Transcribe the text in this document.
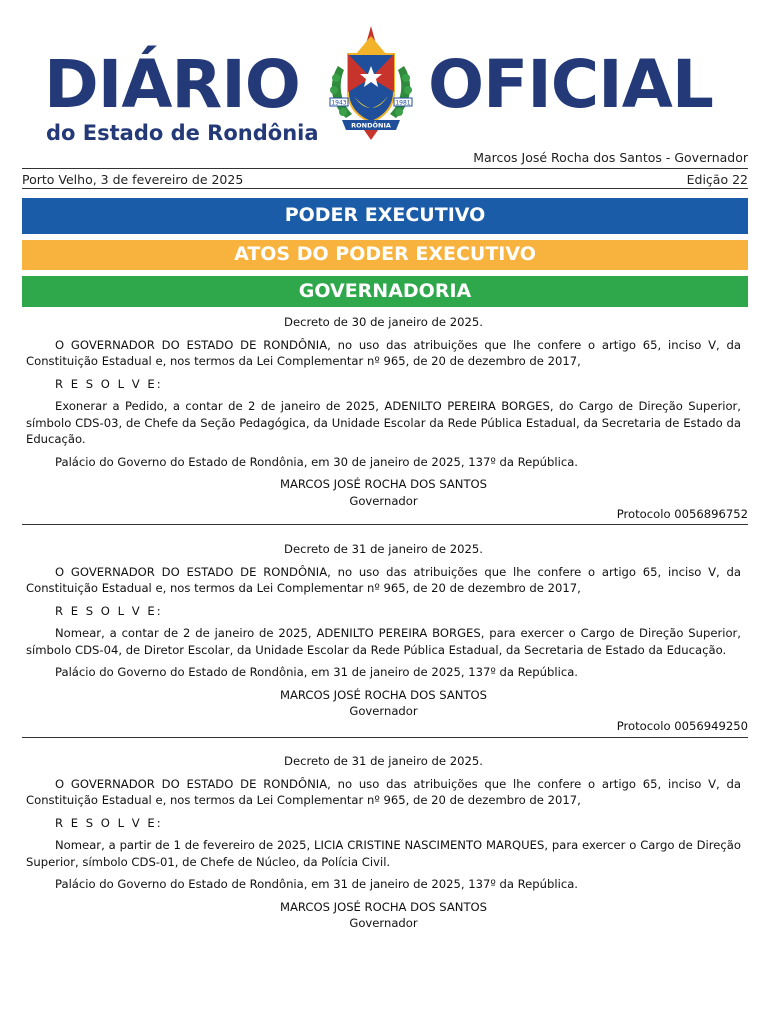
DIÁRIO OFICIAL
do Estado de Rondônia
1943	1981
RONDÔNIA
Marcos José Rocha dos Santos - Governador
Porto Velho, 3 de fevereiro de 2025	Edição 22
PODER EXECUTIVO
ATOS DO PODER EXECUTIVO
GOVERNADORIA

Decreto de 30 de janeiro de 2025.

O GOVERNADOR DO ESTADO DE RONDÔNIA, no uso das atribuições que lhe confere o artigo 65, inciso V, da Constituição Estadual e, nos termos da Lei Complementar nº 965, de 20 de dezembro de 2017,

R E S O L V E:

Exonerar a Pedido, a contar de 2 de janeiro de 2025, ADENILTO PEREIRA BORGES, do Cargo de Direção Superior, símbolo CDS-03, de Chefe da Seção Pedagógica, da Unidade Escolar da Rede Pública Estadual, da Secretaria de Estado da Educação.

Palácio do Governo do Estado de Rondônia, em 30 de janeiro de 2025, 137º da República.

MARCOS JOSÉ ROCHA DOS SANTOS

Governador

Protocolo 0056896752

Decreto de 31 de janeiro de 2025.

O GOVERNADOR DO ESTADO DE RONDÔNIA, no uso das atribuições que lhe confere o artigo 65, inciso V, da Constituição Estadual e, nos termos da Lei Complementar nº 965, de 20 de dezembro de 2017,

R E S O L V E:

Nomear, a contar de 2 de janeiro de 2025, ADENILTO PEREIRA BORGES, para exercer o Cargo de Direção Superior, símbolo CDS-04, de Diretor Escolar, da Unidade Escolar da Rede Pública Estadual, da Secretaria de Estado da Educação.

Palácio do Governo do Estado de Rondônia, em 31 de janeiro de 2025, 137º da República.

MARCOS JOSÉ ROCHA DOS SANTOS

Governador

Protocolo 0056949250

Decreto de 31 de janeiro de 2025.

O GOVERNADOR DO ESTADO DE RONDÔNIA, no uso das atribuições que lhe confere o artigo 65, inciso V, da Constituição Estadual e, nos termos da Lei Complementar nº 965, de 20 de dezembro de 2017,

R E S O L V E:

Nomear, a partir de 1 de fevereiro de 2025, LICIA CRISTINE NASCIMENTO MARQUES, para exercer o Cargo de Direção Superior, símbolo CDS-01, de Chefe de Núcleo, da Polícia Civil.

Palácio do Governo do Estado de Rondônia, em 31 de janeiro de 2025, 137º da República.

MARCOS JOSÉ ROCHA DOS SANTOS

Governador
